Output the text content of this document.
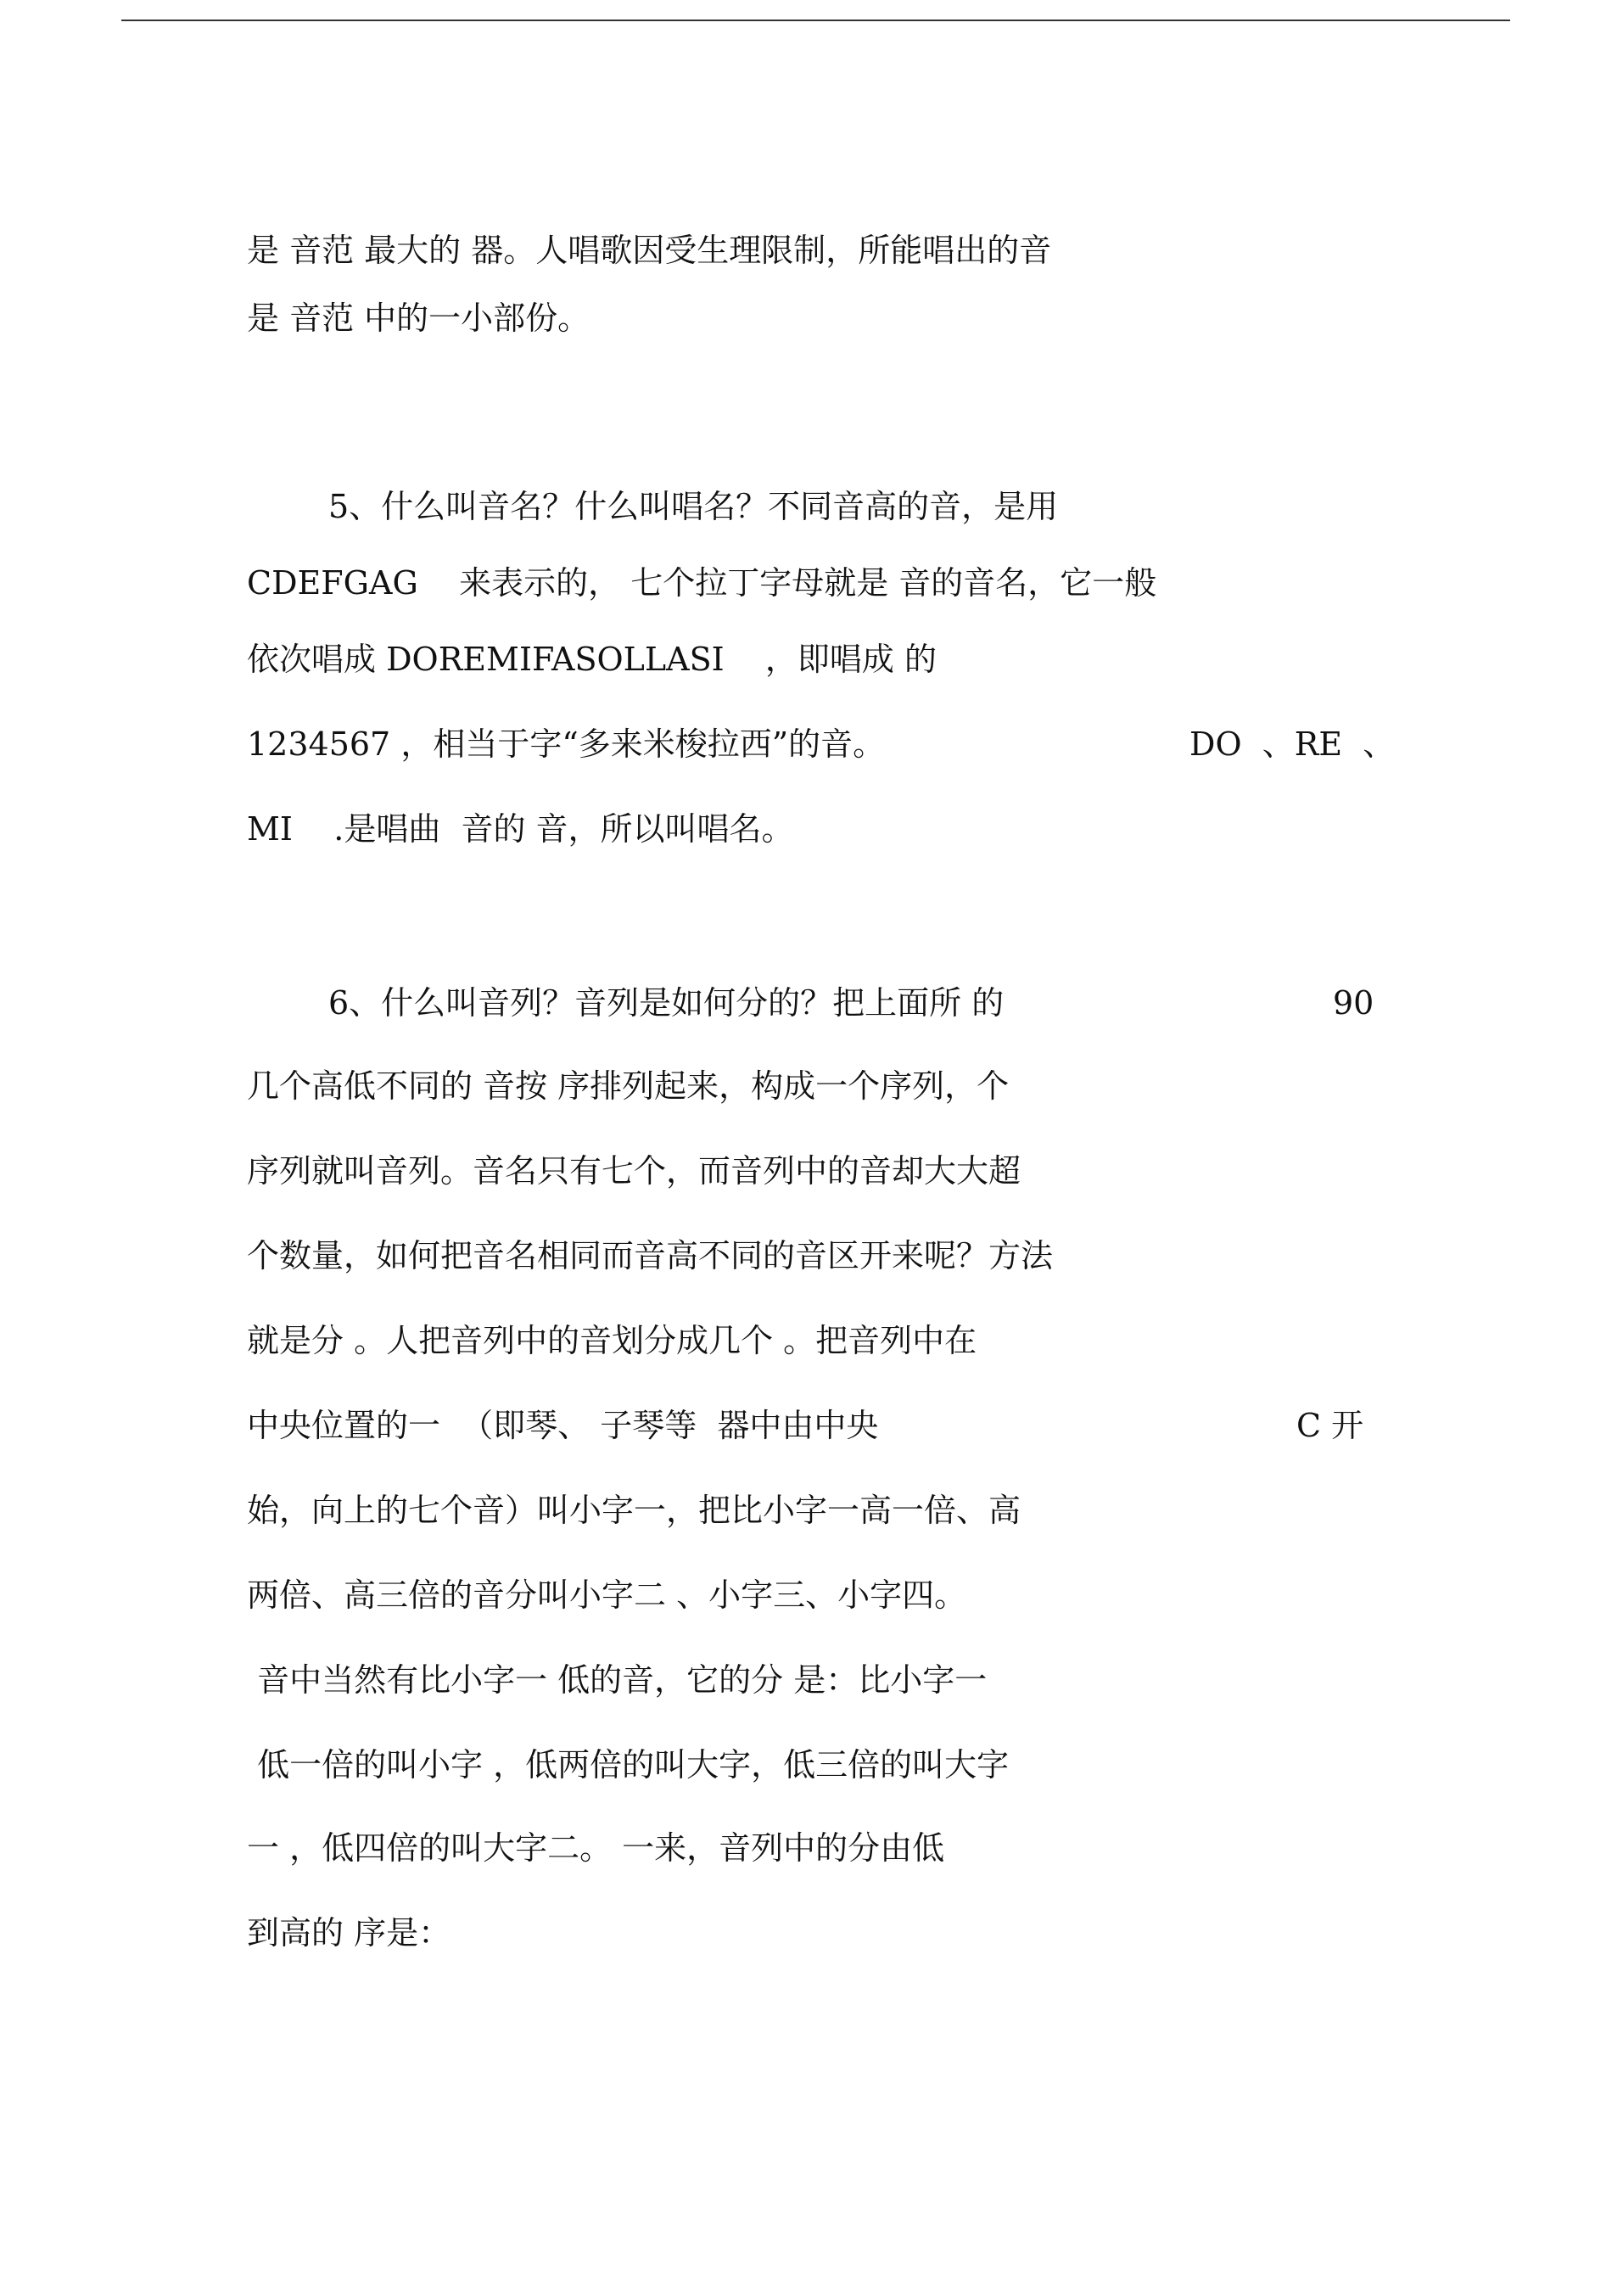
是 音范 最大的 器。人唱歌因受生理限制，所能唱出的音
是 音范 中的一小部份。
5、什么叫音名？什么叫唱名？不同音高的音，是用
CDEFGAG    来表示的， 七个拉丁字母就是 音的音名，它一般
依次唱成 DOREMIFASOLLASI    ，即唱成 的
1234567 ，相当于字“多来米梭拉西”的音。	DO  、RE  、
MI    .是唱曲  音的 音，所以叫唱名。
6、什么叫音列？音列是如何分的？把上面所 的	90
几个高低不同的 音按 序排列起来，构成一个序列，个
序列就叫音列。音名只有七个，而音列中的音却大大超
个数量，如何把音名相同而音高不同的音区开来呢？方法
就是分 。人把音列中的音划分成几个 。把音列中在
中央位置的一  （即琴、 子琴等  器中由中央	C 开
始，向上的七个音）叫小字一，把比小字一高一倍、高
两倍、高三倍的音分叫小字二 、小字三、小字四。
音中当然有比小字一 低的音，它的分 是：比小字一
低一倍的叫小字 ，低两倍的叫大字，低三倍的叫大字
一 ，低四倍的叫大字二。 一来，音列中的分由低
到高的 序是：
